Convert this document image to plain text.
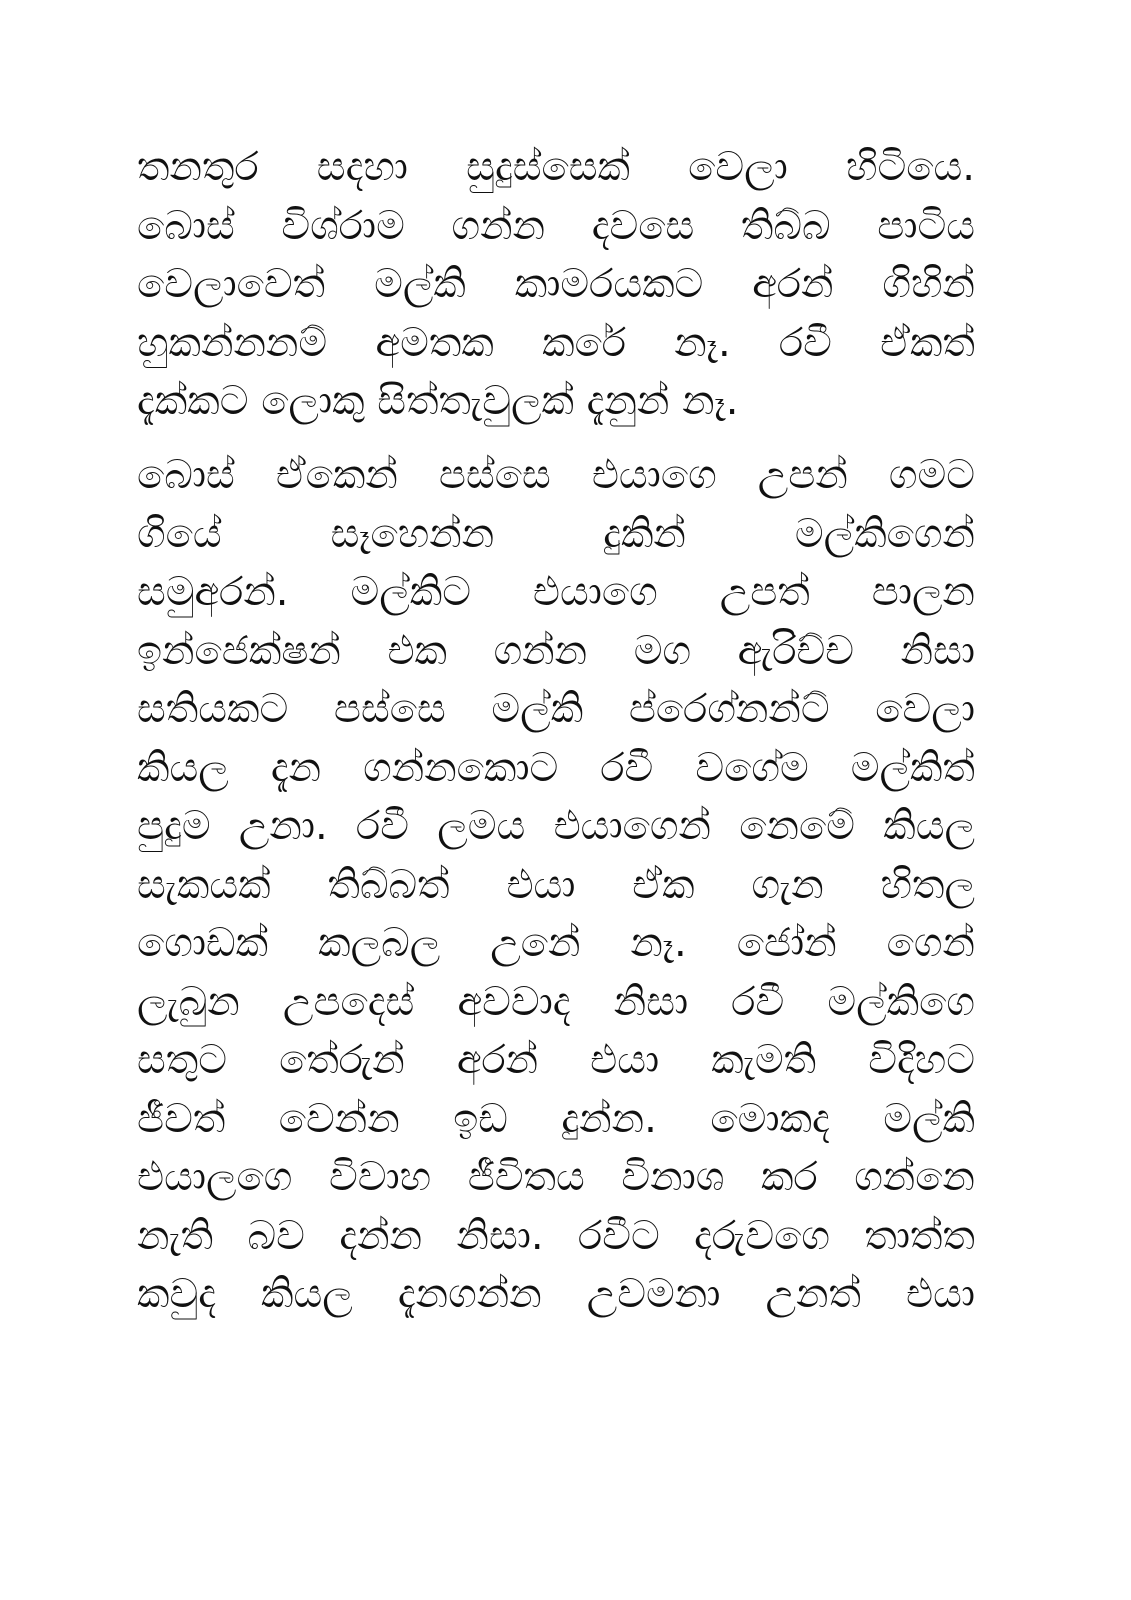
තනතුර සදහා සුදුස්සෙක් වෙලා හිටියෙ.
බොස් විශ්රාම ගන්න දවසෙ තිබ්බ පාටිය
වෙලාවෙත් මල්කි කාමරයකට අරන් ගිහින්
හුකන්නනම් අමතක කරේ නෑ. රවී ඒකත්
දැක්කට ලොකු සිත්තැවුලක් දැනුන් නෑ.
බොස් ඒකෙන් පස්සෙ එයාගෙ උපන් ගමට
ගියේ සෑහෙන්න දුකින් මල්කිගෙන්
සමුඅරන්. මල්කිට එයාගෙ උපත් පාලන
ඉන්ජෙක්ෂන් එක ගන්න මග ඇරිච්ච නිසා
සතියකට පස්සෙ මල්කි ප්රෙග්නන්ට් වෙලා
කියල දැන ගන්නකොට රවී වගේම මල්කිත්
පුදුම උනා. රවී ලමය එයාගෙන් නෙමේ කියල
සැකයක් තිබ්බත් එයා ඒක ගැන හිතල
ගොඩක් කලබල උනේ නෑ. ජෝන් ගෙන්
ලැබුන උපදෙස් අවවාද නිසා රවී මල්කිගෙ
සතුට තේරුන් අරන් එයා කැමති විදිහට
ජීවත් වෙන්න ඉඩ දුන්න. මොකද මල්කි
එයාලගෙ විවාහ ජීවිතය විනාශ කර ගන්නෙ
නැති බව දන්න නිසා. රවීට දරුවගෙ තාත්ත
කවුද කියල දැනගන්න උවමනා උනත් එයා
